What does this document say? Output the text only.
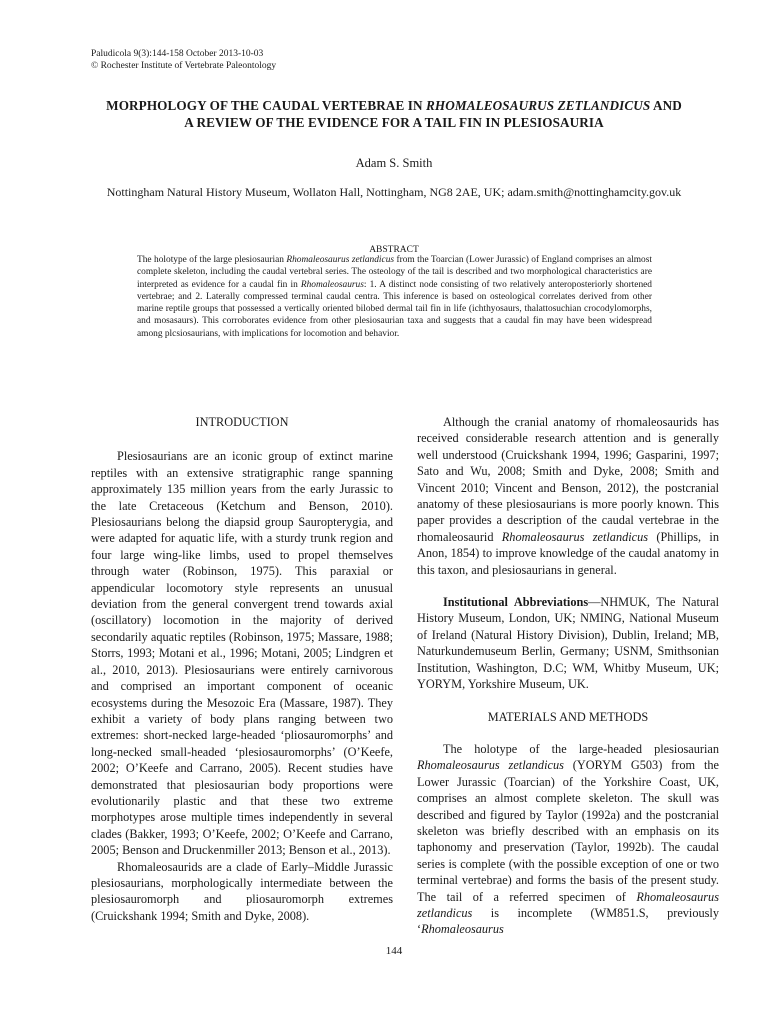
Paludicola 9(3):144-158 October 2013-10-03
© Rochester Institute of Vertebrate Paleontology
MORPHOLOGY OF THE CAUDAL VERTEBRAE IN RHOMALEOSAURUS ZETLANDICUS AND
A REVIEW OF THE EVIDENCE FOR A TAIL FIN IN PLESIOSAURIA
Adam S. Smith
Nottingham Natural History Museum, Wollaton Hall, Nottingham, NG8 2AE, UK; adam.smith@nottinghamcity.gov.uk
ABSTRACT
The holotype of the large plesiosaurian Rhomaleosaurus zetlandicus from the Toarcian (Lower Jurassic) of England comprises an almost complete skeleton, including the caudal vertebral series. The osteology of the tail is described and two morphological characteristics are interpreted as evidence for a caudal fin in Rhomaleosaurus: 1. A distinct node consisting of two relatively anteroposteriorly shortened vertebrae; and 2. Laterally compressed terminal caudal centra. This inference is based on osteological correlates derived from other marine reptile groups that possessed a vertically oriented bilobed dermal tail fin in life (ichthyosaurs, thalattosuchian crocodylomorphs, and mosasaurs). This corroborates evidence from other plesiosaurian taxa and suggests that a caudal fin may have been widespread among plcsiosaurians, with implications for locomotion and behavior.
INTRODUCTION

Plesiosaurians are an iconic group of extinct marine reptiles with an extensive stratigraphic range spanning approximately 135 million years from the early Jurassic to the late Cretaceous (Ketchum and Benson, 2010). Plesiosaurians belong the diapsid group Sauropterygia, and were adapted for aquatic life, with a sturdy trunk region and four large wing-like limbs, used to propel themselves through water (Robinson, 1975). This paraxial or appendicular locomotory style represents an unusual deviation from the general convergent trend towards axial (oscillatory) locomotion in the majority of derived secondarily aquatic reptiles (Robinson, 1975; Massare, 1988; Storrs, 1993; Motani et al., 1996; Motani, 2005; Lindgren et al., 2010, 2013). Plesiosaurians were entirely carnivorous and comprised an important component of oceanic ecosystems during the Mesozoic Era (Massare, 1987). They exhibit a variety of body plans ranging between two extremes: short-necked large-headed ‘pliosauromorphs’ and long-necked small-headed ‘plesiosauromorphs’ (O’Keefe, 2002; O’Keefe and Carrano, 2005). Recent studies have demonstrated that plesiosaurian body proportions were evolutionarily plastic and that these two extreme morphotypes arose multiple times independently in several clades (Bakker, 1993; O’Keefe, 2002; O’Keefe and Carrano, 2005; Benson and Druckenmiller 2013; Benson et al., 2013).

Rhomaleosaurids are a clade of Early–Middle Jurassic plesiosaurians, morphologically intermediate between the plesiosauromorph and pliosauromorph extremes (Cruickshank 1994; Smith and Dyke, 2008).

Although the cranial anatomy of rhomaleosaurids has received considerable research attention and is generally well understood (Cruickshank 1994, 1996; Gasparini, 1997; Sato and Wu, 2008; Smith and Dyke, 2008; Smith and Vincent 2010; Vincent and Benson, 2012), the postcranial anatomy of these plesiosaurians is more poorly known. This paper provides a description of the caudal vertebrae in the rhomaleosaurid Rhomaleosaurus zetlandicus (Phillips, in Anon, 1854) to improve knowledge of the caudal anatomy in this taxon, and plesiosaurians in general.

Institutional Abbreviations—NHMUK, The Natural History Museum, London, UK; NMING, National Museum of Ireland (Natural History Division), Dublin, Ireland; MB, Naturkundemuseum Berlin, Germany; USNM, Smithsonian Institution, Washington, D.C; WM, Whitby Museum, UK; YORYM, Yorkshire Museum, UK.

MATERIALS AND METHODS

The holotype of the large-headed plesiosaurian Rhomaleosaurus zetlandicus (YORYM G503) from the Lower Jurassic (Toarcian) of the Yorkshire Coast, UK, comprises an almost complete skeleton. The skull was described and figured by Taylor (1992a) and the postcranial skeleton was briefly described with an emphasis on its taphonomy and preservation (Taylor, 1992b). The caudal series is complete (with the possible exception of one or two terminal vertebrae) and forms the basis of the present study. The tail of a referred specimen of Rhomaleosaurus zetlandicus is incomplete (WM851.S, previously ‘Rhomaleosaurus

144
